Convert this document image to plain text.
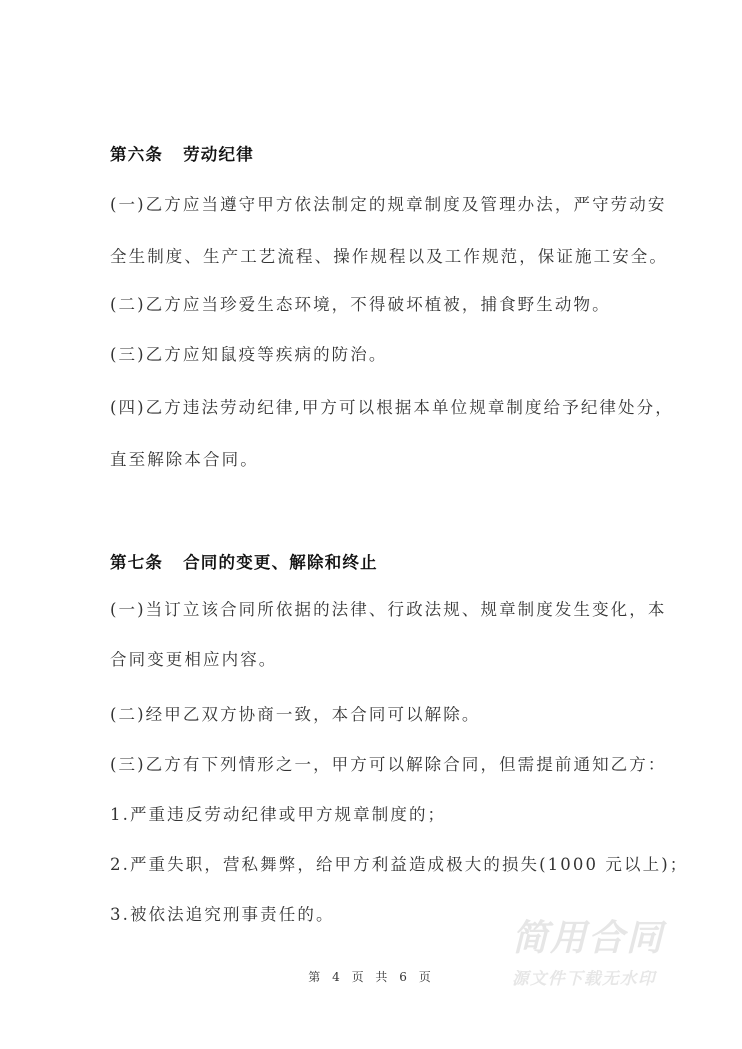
第六条 劳动纪律
(一)乙方应当遵守甲方依法制定的规章制度及管理办法，严守劳动安
全生制度、生产工艺流程、操作规程以及工作规范，保证施工安全。
(二)乙方应当珍爱生态环境，不得破坏植被，捕食野生动物。
(三)乙方应知鼠疫等疾病的防治。
(四)乙方违法劳动纪律,甲方可以根据本单位规章制度给予纪律处分，
直至解除本合同。
第七条 合同的变更、解除和终止
(一)当订立该合同所依据的法律、行政法规、规章制度发生变化，本
合同变更相应内容。
(二)经甲乙双方协商一致，本合同可以解除。
(三)乙方有下列情形之一，甲方可以解除合同，但需提前通知乙方：
1.严重违反劳动纪律或甲方规章制度的；
2.严重失职，营私舞弊，给甲方利益造成极大的损失(1000 元以上)；
3.被依法追究刑事责任的。
简用合同
源文件下载无水印
第 4 页 共 6 页
